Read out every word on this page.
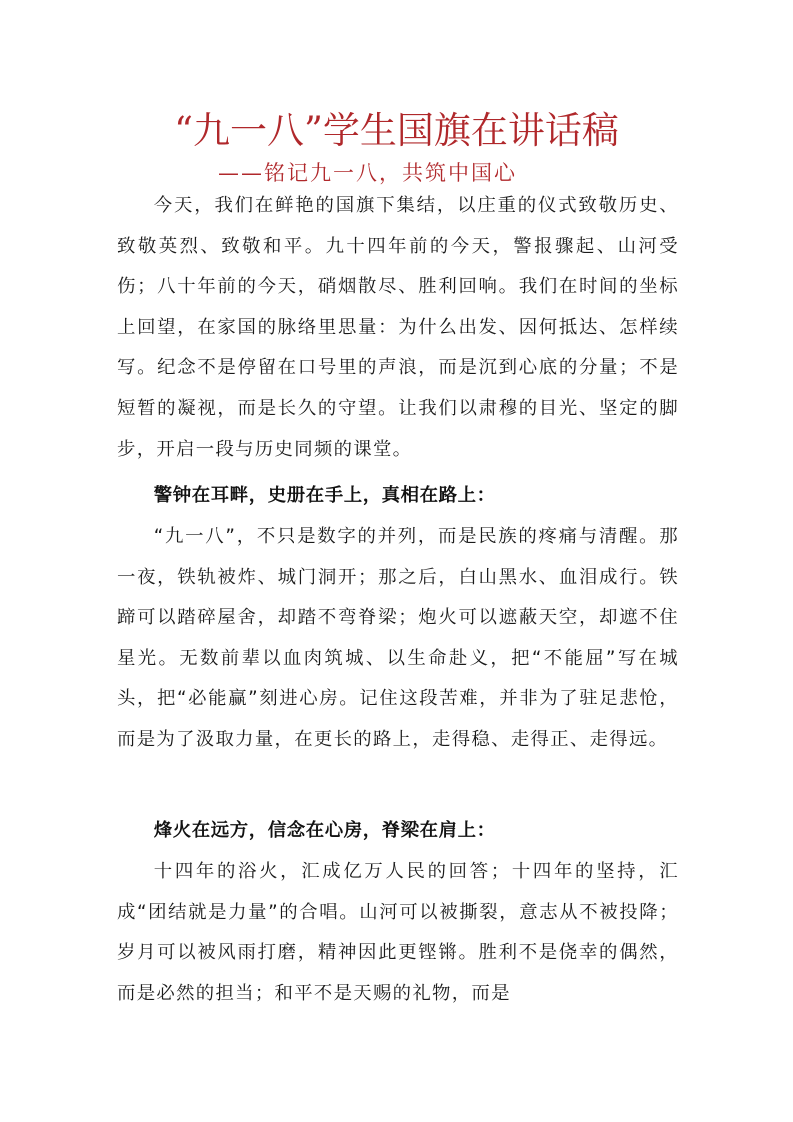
“九一八”学生国旗在讲话稿
——铭记九一八，共筑中国心

今天，我们在鲜艳的国旗下集结，以庄重的仪式致敬历史、致敬英烈、致敬和平。九十四年前的今天，警报骤起、山河受伤；八十年前的今天，硝烟散尽、胜利回响。我们在时间的坐标上回望，在家国的脉络里思量：为什么出发、因何抵达、怎样续写。纪念不是停留在口号里的声浪，而是沉到心底的分量；不是短暂的凝视，而是长久的守望。让我们以肃穆的目光、坚定的脚步，开启一段与历史同频的课堂。

警钟在耳畔，史册在手上，真相在路上：

“九一八”，不只是数字的并列，而是民族的疼痛与清醒。那一夜，铁轨被炸、城门洞开；那之后，白山黑水、血泪成行。铁蹄可以踏碎屋舍，却踏不弯脊梁；炮火可以遮蔽天空，却遮不住星光。无数前辈以血肉筑城、以生命赴义，把“不能屈”写在城头，把“必能赢”刻进心房。记住这段苦难，并非为了驻足悲怆，而是为了汲取力量，在更长的路上，走得稳、走得正、走得远。

烽火在远方，信念在心房，脊梁在肩上：

十四年的浴火，汇成亿万人民的回答；十四年的坚持，汇成“团结就是力量”的合唱。山河可以被撕裂，意志从不被投降；岁月可以被风雨打磨，精神因此更铿锵。胜利不是侥幸的偶然，而是必然的担当；和平不是天赐的礼物，而是
